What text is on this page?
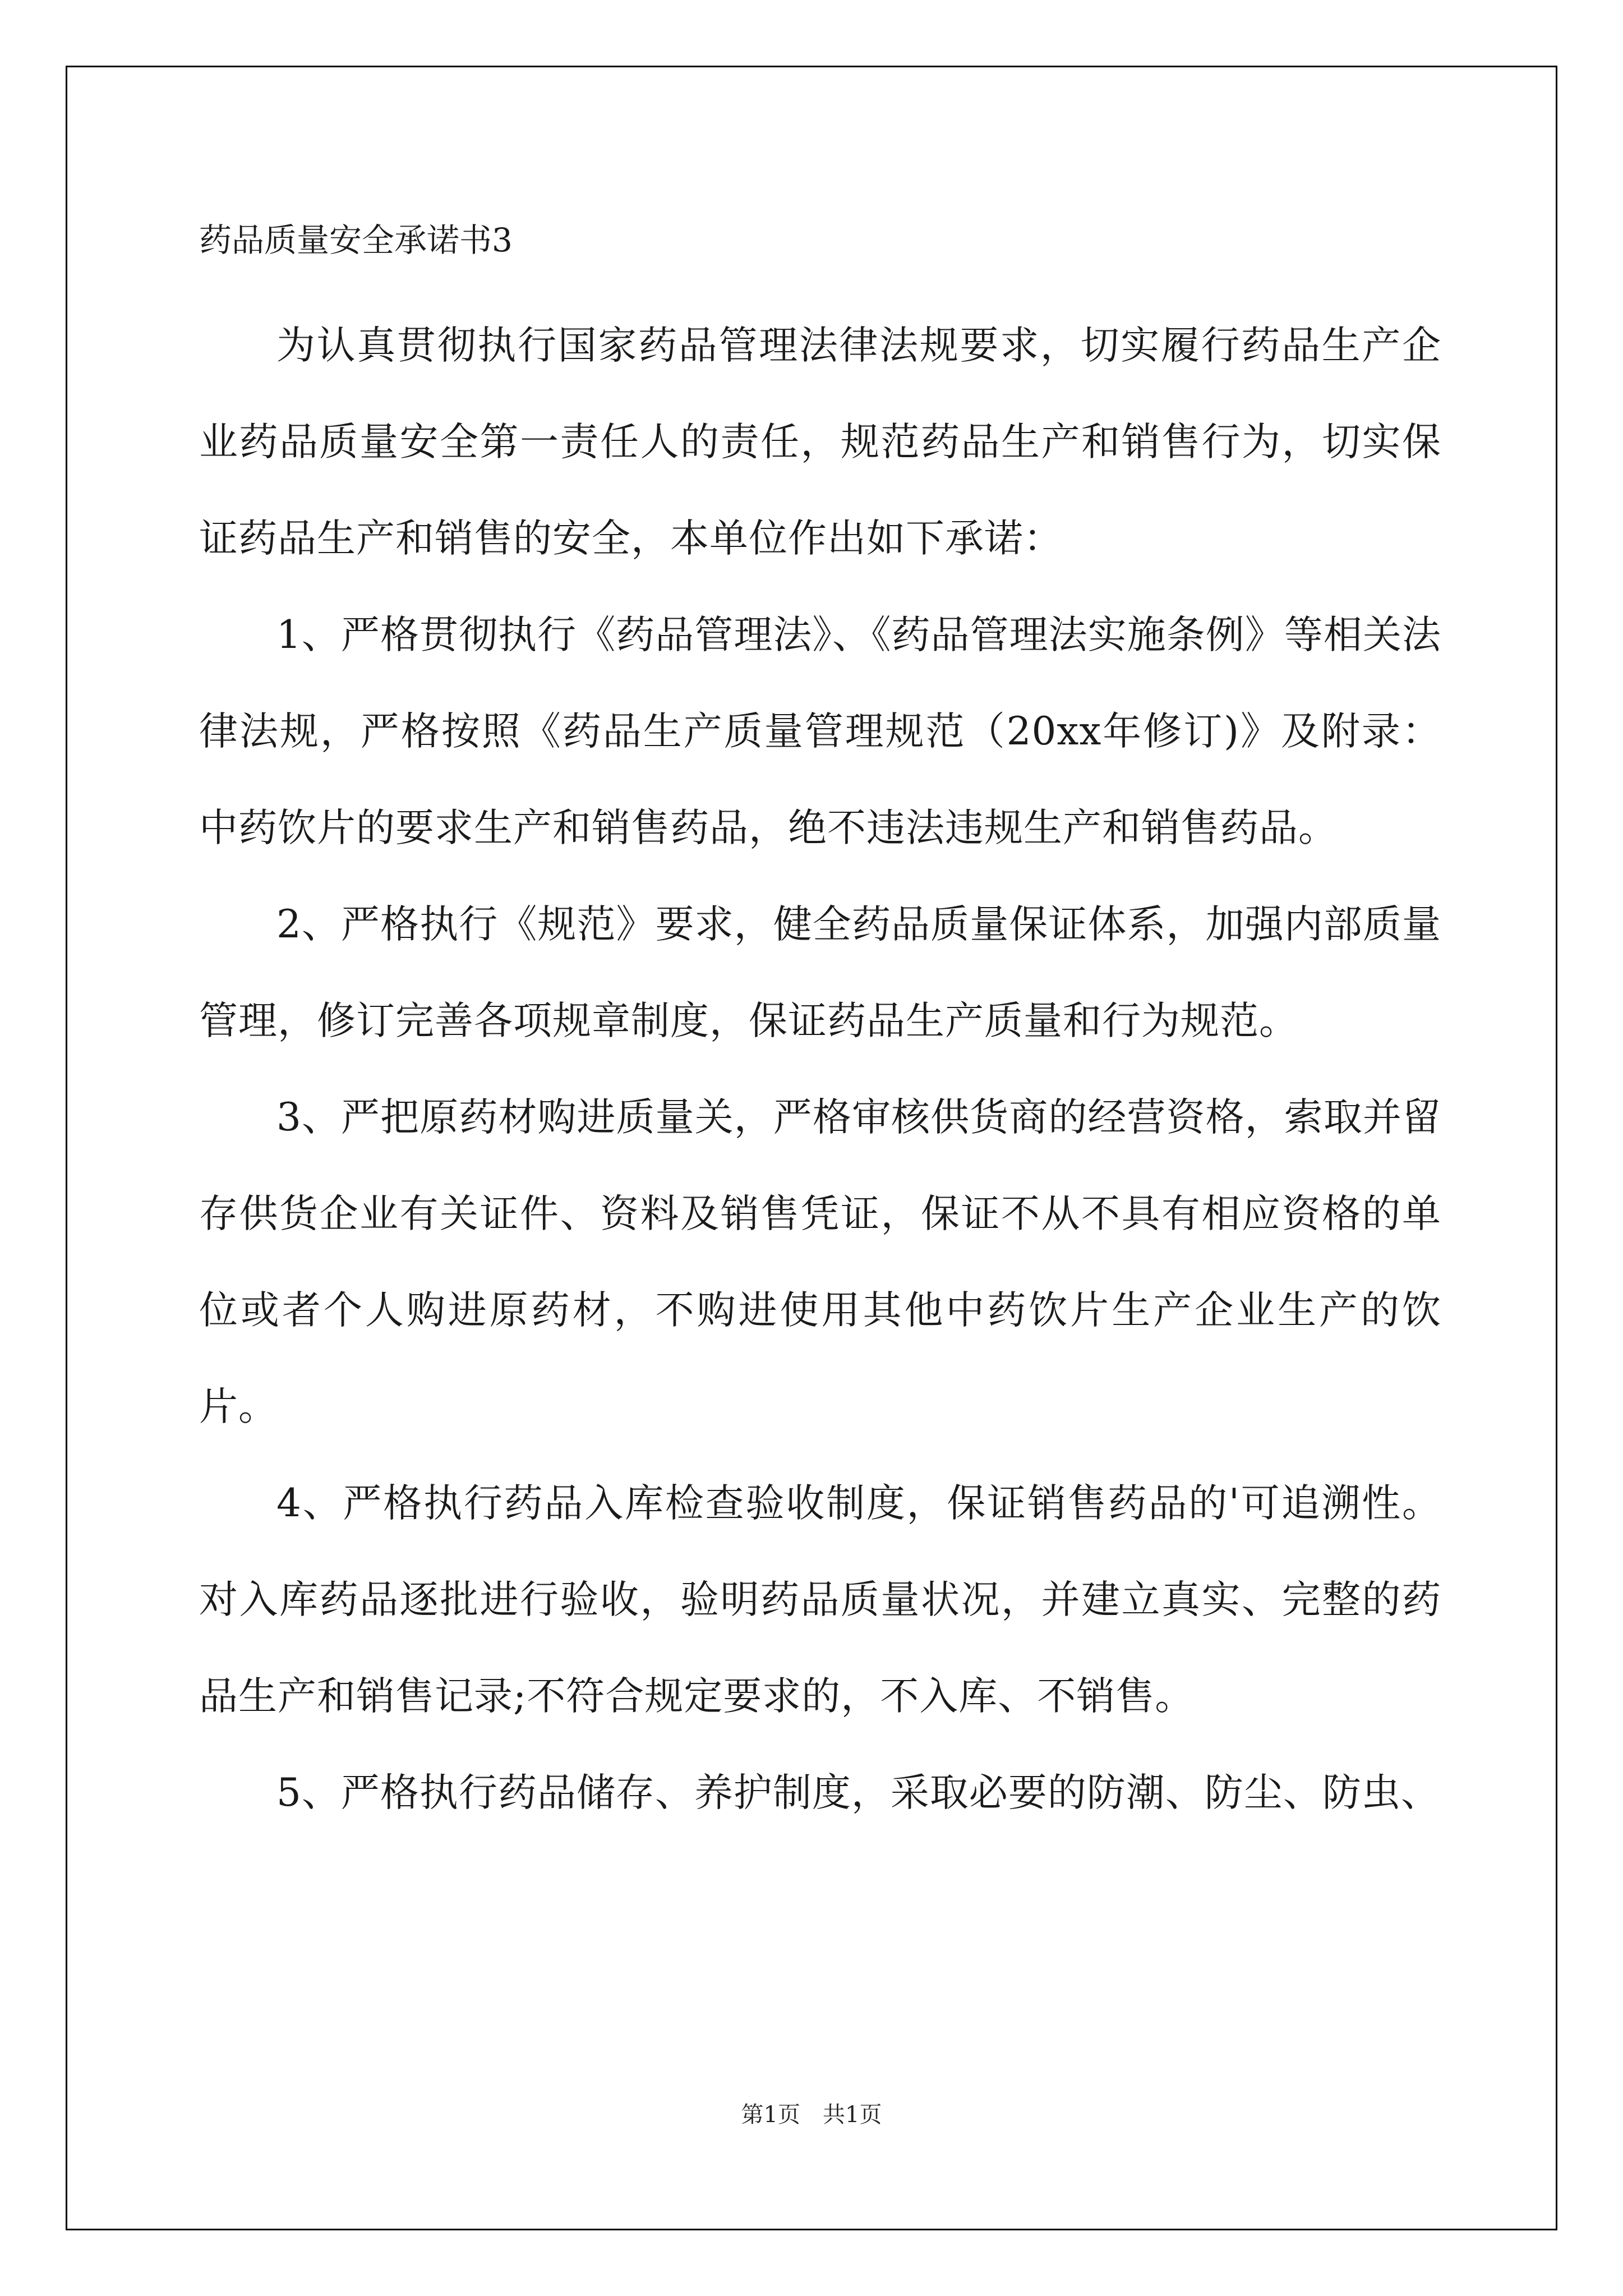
药品质量安全承诺书3

为认真贯彻执行国家药品管理法律法规要求，切实履行药品生产企业药品质量安全第一责任人的责任，规范药品生产和销售行为，切实保证药品生产和销售的安全，本单位作出如下承诺：

1、严格贯彻执行《药品管理法》、《药品管理法实施条例》等相关法律法规，严格按照《药品生产质量管理规范（20xx年修订)》及附录：中药饮片的要求生产和销售药品，绝不违法违规生产和销售药品。

2、严格执行《规范》要求，健全药品质量保证体系，加强内部质量管理，修订完善各项规章制度，保证药品生产质量和行为规范。

3、严把原药材购进质量关，严格审核供货商的经营资格，索取并留存供货企业有关证件、资料及销售凭证，保证不从不具有相应资格的单位或者个人购进原药材，不购进使用其他中药饮片生产企业生产的饮片。

4、严格执行药品入库检查验收制度，保证销售药品的'可追溯性。对入库药品逐批进行验收，验明药品质量状况，并建立真实、完整的药品生产和销售记录;不符合规定要求的，不入库、不销售。

5、严格执行药品储存、养护制度，采取必要的防潮、防尘、防虫、

第1页　共1页
